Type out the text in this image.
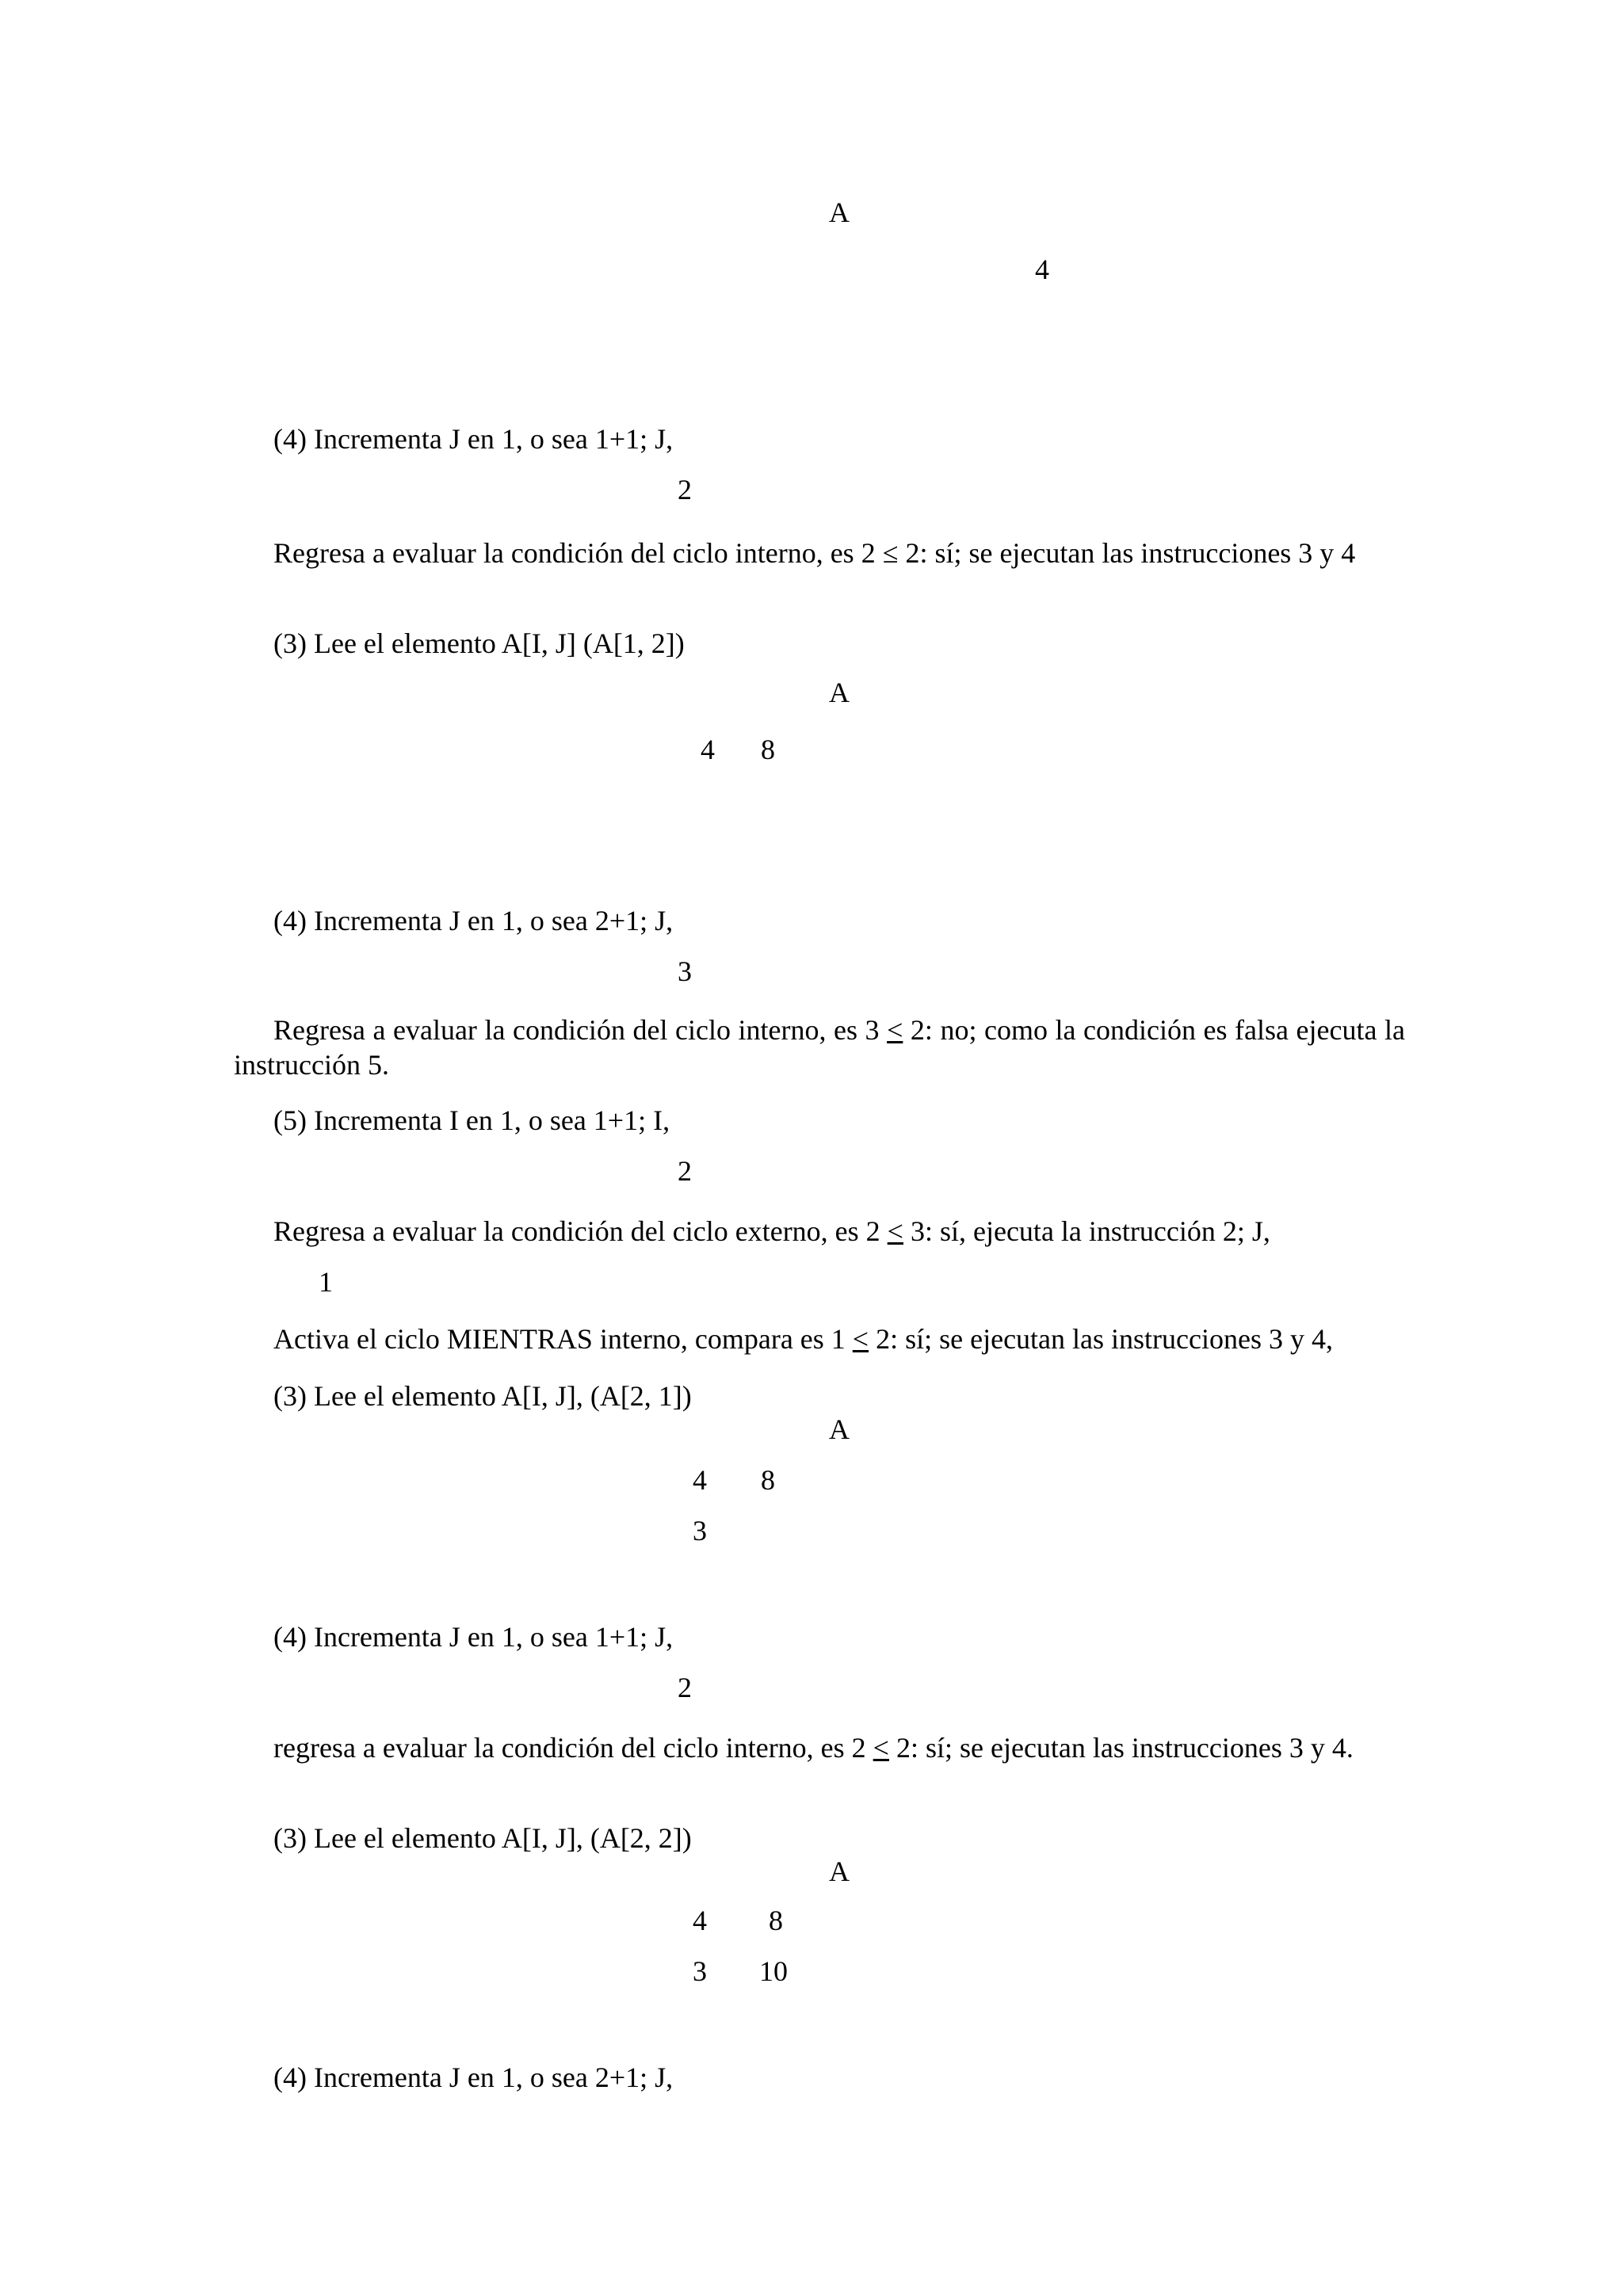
A
4
(4) Incrementa J en 1, o sea 1+1; J,
2
Regresa a evaluar la condición del ciclo interno, es 2 ≤ 2: sí; se ejecutan las instrucciones 3 y 4
(3) Lee el elemento A[I, J] (A[1, 2])
A
4 8
(4) Incrementa J en 1, o sea 2+1; J,
3
Regresa a evaluar la condición del ciclo interno, es 3 ≤ 2: no; como la condición es falsa ejecuta la instrucción 5.
(5) Incrementa I en 1, o sea 1+1; I,
2
Regresa a evaluar la condición del ciclo externo, es 2 ≤ 3: sí, ejecuta la instrucción 2; J,
1
Activa el ciclo MIENTRAS interno, compara es 1 ≤ 2: sí; se ejecutan las instrucciones 3 y 4,
(3) Lee el elemento A[I, J], (A[2, 1])
A
4 8
3
(4) Incrementa J en 1, o sea 1+1; J,
2
regresa a evaluar la condición del ciclo interno, es 2 ≤ 2: sí; se ejecutan las instrucciones 3 y 4.
(3) Lee el elemento A[I, J], (A[2, 2])
A
4 8
3 10
(4) Incrementa J en 1, o sea 2+1; J,
